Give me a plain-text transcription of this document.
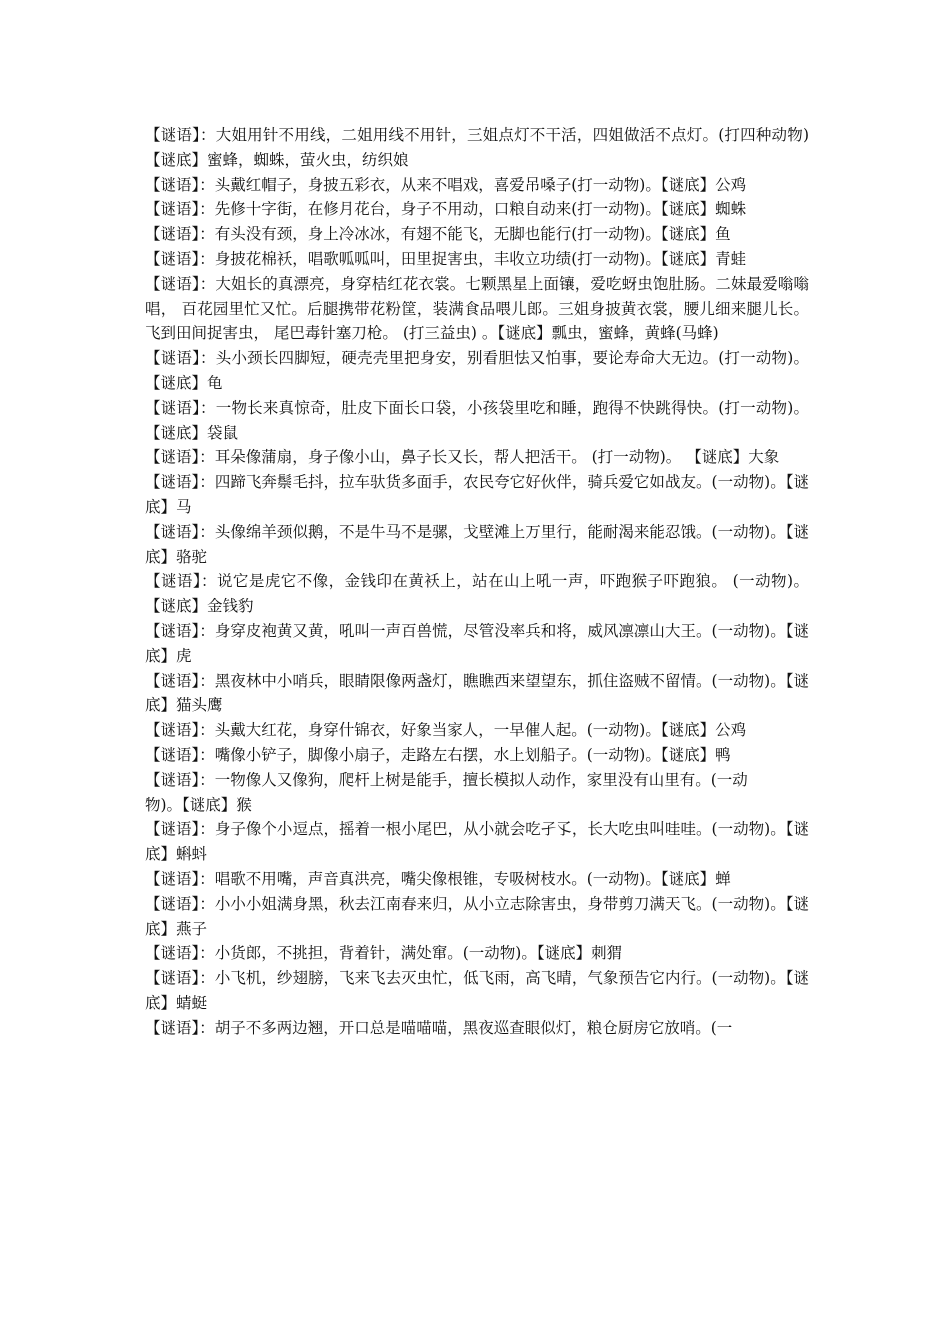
【谜语】：大姐用针不用线，二姐用线不用针，三姐点灯不干活，四姐做活不点灯。(打四种动物)【谜底】蜜蜂，蜘蛛，萤火虫，纺织娘

【谜语】：头戴红帽子，身披五彩衣，从来不唱戏，喜爱吊嗓子(打一动物)。【谜底】公鸡

【谜语】：先修十字街，在修月花台，身子不用动，口粮自动来(打一动物)。【谜底】蜘蛛

【谜语】：有头没有颈，身上冷冰冰，有翅不能飞，无脚也能行(打一动物)。【谜底】鱼

【谜语】：身披花棉袄，唱歌呱呱叫，田里捉害虫，丰收立功绩(打一动物)。【谜底】青蛙

【谜语】：大姐长的真漂亮，身穿桔红花衣裳。七颗黑星上面镶，爱吃蚜虫饱肚肠。二妹最爱嗡嗡唱， 百花园里忙又忙。后腿携带花粉筐，装满食品喂儿郎。三姐身披黄衣裳，腰儿细来腿儿长。飞到田间捉害虫， 尾巴毒针塞刀枪。 (打三益虫) 。【谜底】瓢虫，蜜蜂，黄蜂(马蜂)

【谜语】：头小颈长四脚短，硬壳壳里把身安，别看胆怯又怕事，要论寿命大无边。(打一动物)。【谜底】龟

【谜语】：一物长来真惊奇，肚皮下面长口袋，小孩袋里吃和睡，跑得不快跳得快。(打一动物)。【谜底】袋鼠

【谜语】：耳朵像蒲扇，身子像小山，鼻子长又长，帮人把活干。 (打一动物)。 【谜底】大象

【谜语】：四蹄飞奔鬃毛抖，拉车驮货多面手，农民夸它好伙伴，骑兵爱它如战友。(一动物)。【谜底】马

【谜语】：头像绵羊颈似鹅，不是牛马不是骡，戈壁滩上万里行，能耐渴来能忍饿。(一动物)。【谜底】骆驼

【谜语】：说它是虎它不像，金钱印在黄袄上，站在山上吼一声，吓跑猴子吓跑狼。 (一动物)。【谜底】金钱豹

【谜语】：身穿皮袍黄又黄，吼叫一声百兽慌，尽管没率兵和将，威风凛凛山大王。(一动物)。【谜底】虎

【谜语】：黑夜林中小哨兵，眼睛限像两盏灯，瞧瞧西来望望东，抓住盗贼不留情。(一动物)。【谜底】猫头鹰

【谜语】：头戴大红花，身穿什锦衣，好象当家人，一早催人起。(一动物)。【谜底】公鸡

【谜语】：嘴像小铲子，脚像小扇子，走路左右摆，水上划船子。(一动物)。【谜底】鸭

【谜语】：一物像人又像狗，爬杆上树是能手，擅长模拟人动作，家里没有山里有。(一动

物)。【谜底】猴

【谜语】：身子像个小逗点，摇着一根小尾巴，从小就会吃孑孓，长大吃虫叫哇哇。(一动物)。【谜底】蝌蚪

【谜语】：唱歌不用嘴，声音真洪亮，嘴尖像根锥，专吸树枝水。(一动物)。【谜底】蝉

【谜语】：小小小姐满身黑，秋去江南春来归，从小立志除害虫，身带剪刀满天飞。(一动物)。【谜底】燕子

【谜语】：小货郎，不挑担，背着针，满处窜。(一动物)。【谜底】刺猬

【谜语】：小飞机，纱翅膀，飞来飞去灭虫忙，低飞雨，高飞晴，气象预告它内行。(一动物)。【谜底】蜻蜓

【谜语】：胡子不多两边翘，开口总是喵喵喵，黑夜巡查眼似灯，粮仓厨房它放哨。(一
